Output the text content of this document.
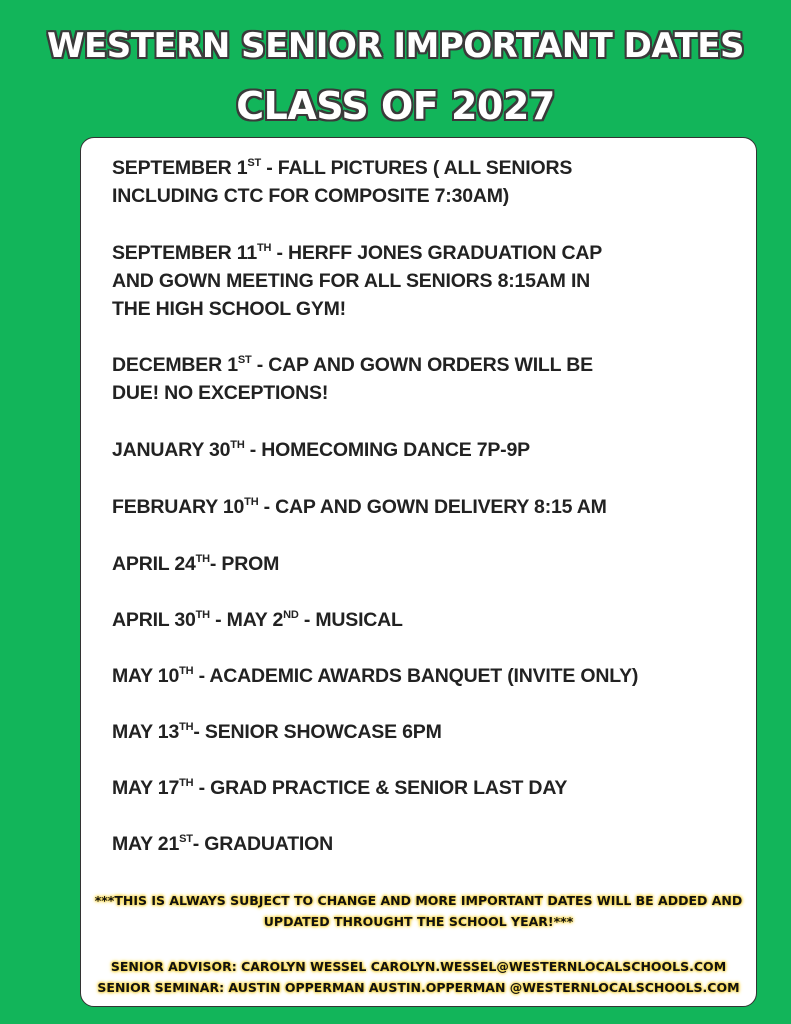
WESTERN SENIOR IMPORTANT DATES
CLASS OF 2027
SEPTEMBER 1ST - FALL PICTURES ( ALL SENIORS
INCLUDING CTC FOR COMPOSITE 7:30AM)
SEPTEMBER 11TH - HERFF JONES GRADUATION CAP
AND GOWN MEETING FOR ALL SENIORS 8:15AM IN
THE HIGH SCHOOL GYM!
DECEMBER 1ST - CAP AND GOWN ORDERS WILL BE
DUE! NO EXCEPTIONS!
JANUARY 30TH - HOMECOMING DANCE 7P-9P
FEBRUARY 10TH - CAP AND GOWN DELIVERY 8:15 AM
APRIL 24TH- PROM
APRIL 30TH - MAY 2ND - MUSICAL
MAY 10TH - ACADEMIC AWARDS BANQUET (INVITE ONLY)
MAY 13TH- SENIOR SHOWCASE 6PM
MAY 17TH - GRAD PRACTICE & SENIOR LAST DAY
MAY 21ST- GRADUATION
***THIS IS ALWAYS SUBJECT TO CHANGE AND MORE IMPORTANT DATES WILL BE ADDED AND
UPDATED THROUGHT THE SCHOOL YEAR!***
SENIOR ADVISOR: CAROLYN WESSEL CAROLYN.WESSEL@WESTERNLOCALSCHOOLS.COM
SENIOR SEMINAR: AUSTIN OPPERMAN AUSTIN.OPPERMAN @WESTERNLOCALSCHOOLS.COM
